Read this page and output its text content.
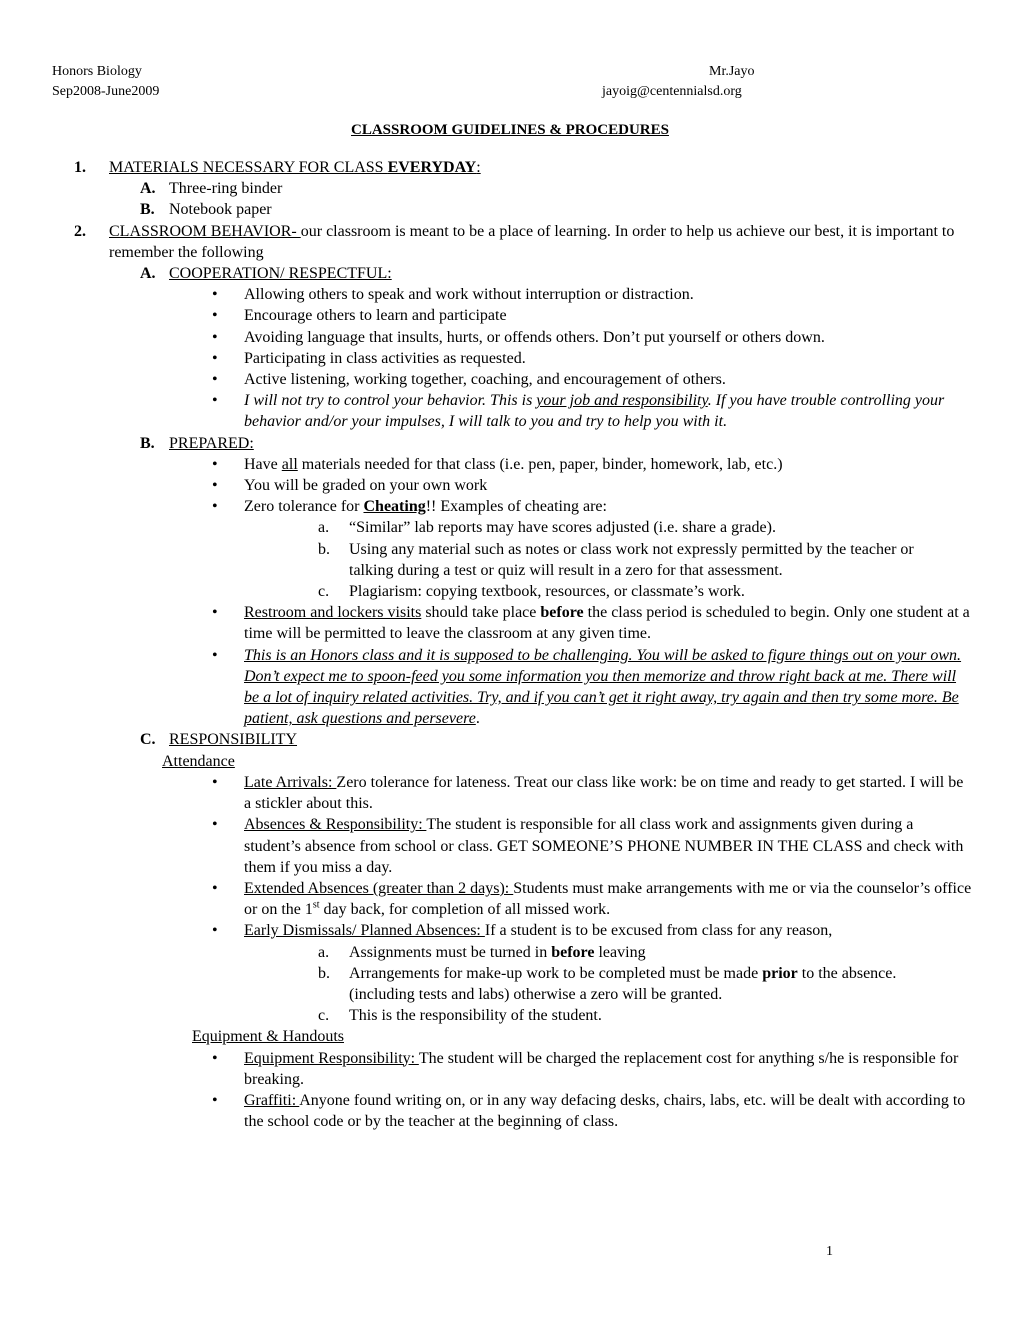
Honors Biology	Mr.Jayo
Sep2008-June2009	jayoig@centennialsd.org
CLASSROOM GUIDELINES & PROCEDURES
1. MATERIALS NECESSARY FOR CLASS EVERYDAY:
A. Three-ring binder
B. Notebook paper
2. CLASSROOM BEHAVIOR- our classroom is meant to be a place of learning. In order to help us achieve our best, it is important to remember the following
A. COOPERATION/ RESPECTFUL:
• Allowing others to speak and work without interruption or distraction.
• Encourage others to learn and participate
• Avoiding language that insults, hurts, or offends others. Don’t put yourself or others down.
• Participating in class activities as requested.
• Active listening, working together, coaching, and encouragement of others.
• I will not try to control your behavior. This is your job and responsibility. If you have trouble controlling your behavior and/or your impulses, I will talk to you and try to help you with it.
B. PREPARED:
• Have all materials needed for that class (i.e. pen, paper, binder, homework, lab, etc.)
• You will be graded on your own work
• Zero tolerance for Cheating!! Examples of cheating are:
a. “Similar” lab reports may have scores adjusted (i.e. share a grade).
b. Using any material such as notes or class work not expressly permitted by the teacher or talking during a test or quiz will result in a zero for that assessment.
c. Plagiarism: copying textbook, resources, or classmate’s work.
• Restroom and lockers visits should take place before the class period is scheduled to begin. Only one student at a time will be permitted to leave the classroom at any given time.
• This is an Honors class and it is supposed to be challenging. You will be asked to figure things out on your own. Don’t expect me to spoon-feed you some information you then memorize and throw right back at me. There will be a lot of inquiry related activities. Try, and if you can’t get it right away, try again and then try some more. Be patient, ask questions and persevere.
C. RESPONSIBILITY
Attendance
• Late Arrivals: Zero tolerance for lateness. Treat our class like work: be on time and ready to get started. I will be a stickler about this.
• Absences & Responsibility: The student is responsible for all class work and assignments given during a student’s absence from school or class. GET SOMEONE’S PHONE NUMBER IN THE CLASS and check with them if you miss a day.
• Extended Absences (greater than 2 days): Students must make arrangements with me or via the counselor’s office or on the 1st day back, for completion of all missed work.
• Early Dismissals/ Planned Absences: If a student is to be excused from class for any reason,
a. Assignments must be turned in before leaving
b. Arrangements for make-up work to be completed must be made prior to the absence. (including tests and labs) otherwise a zero will be granted.
c. This is the responsibility of the student.
Equipment & Handouts
• Equipment Responsibility: The student will be charged the replacement cost for anything s/he is responsible for breaking.
• Graffiti: Anyone found writing on, or in any way defacing desks, chairs, labs, etc. will be dealt with according to the school code or by the teacher at the beginning of class.
1
